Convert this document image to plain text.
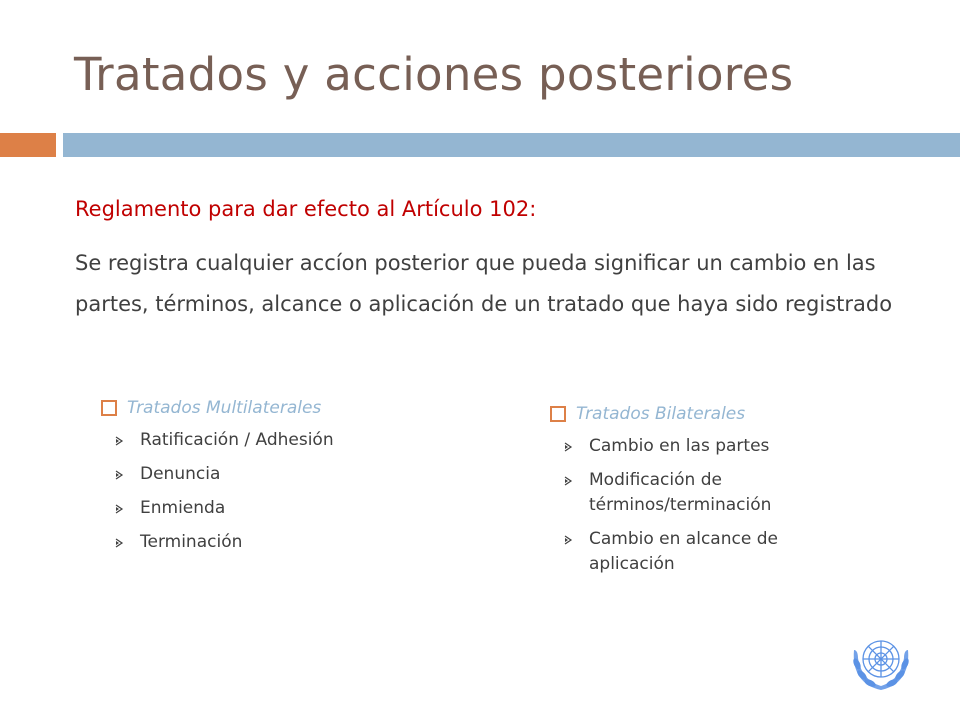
Tratados y acciones posteriores
Reglamento para dar efecto al Artículo 102:
Se registra cualquier accíon posterior que pueda significar un cambio en las partes, términos, alcance o aplicación de un tratado que haya sido registrado
Tratados Multilaterales
Ratificación / Adhesión
Denuncia
Enmienda
Terminación
Tratados Bilaterales
Cambio en las partes
Modificación de términos/terminación
Cambio en alcance de aplicación
